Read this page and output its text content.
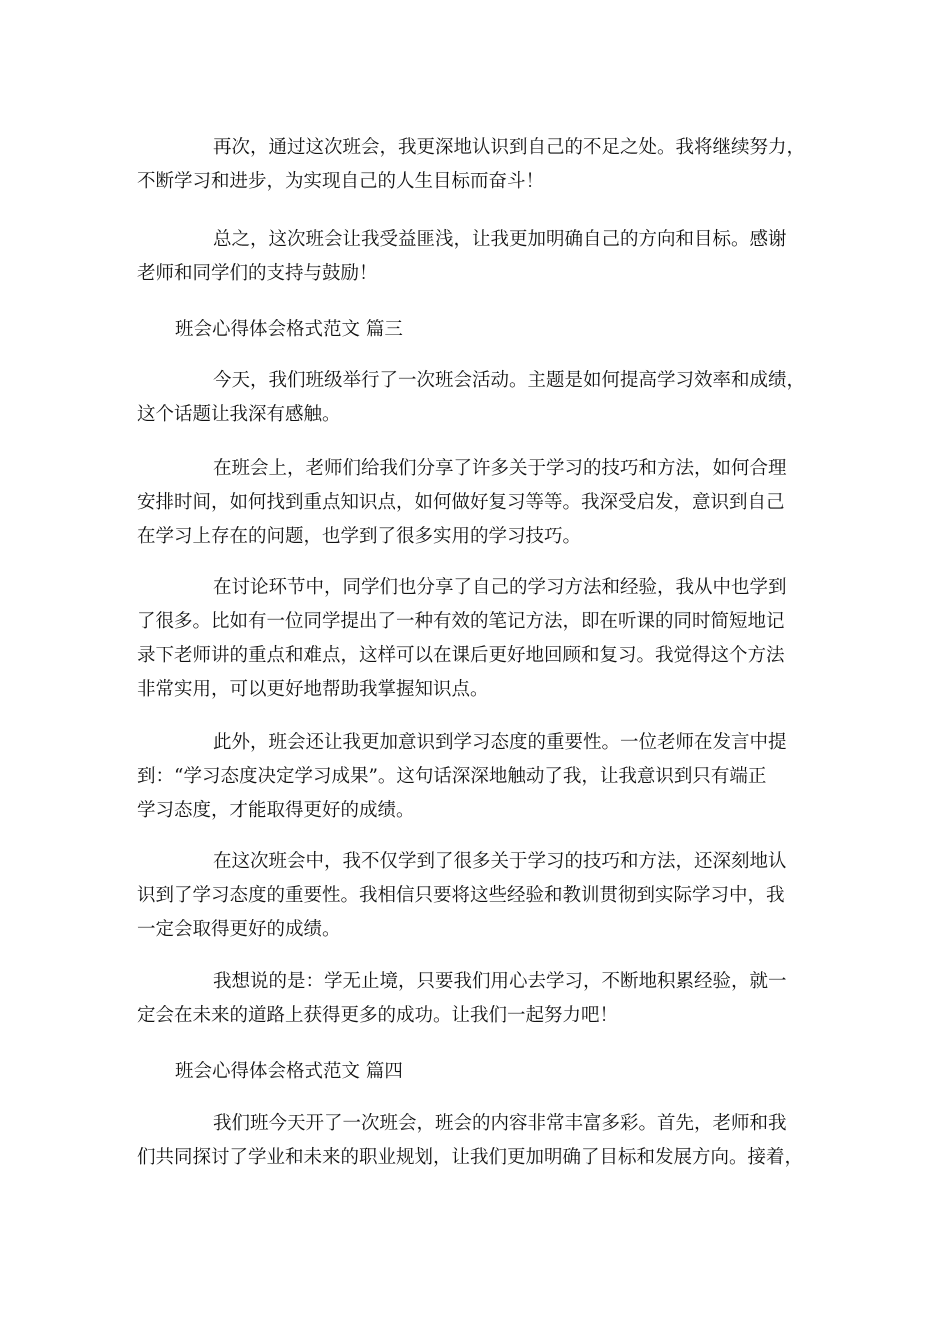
再次，通过这次班会，我更深地认识到自己的不足之处。我将继续努力，
不断学习和进步，为实现自己的人生目标而奋斗！

总之，这次班会让我受益匪浅，让我更加明确自己的方向和目标。感谢
老师和同学们的支持与鼓励！

班会心得体会格式范文 篇三

今天，我们班级举行了一次班会活动。主题是如何提高学习效率和成绩，
这个话题让我深有感触。

在班会上，老师们给我们分享了许多关于学习的技巧和方法，如何合理
安排时间，如何找到重点知识点，如何做好复习等等。我深受启发，意识到自己
在学习上存在的问题，也学到了很多实用的学习技巧。

在讨论环节中，同学们也分享了自己的学习方法和经验，我从中也学到
了很多。比如有一位同学提出了一种有效的笔记方法，即在听课的同时简短地记
录下老师讲的重点和难点，这样可以在课后更好地回顾和复习。我觉得这个方法
非常实用，可以更好地帮助我掌握知识点。

此外，班会还让我更加意识到学习态度的重要性。一位老师在发言中提
到：“学习态度决定学习成果”。这句话深深地触动了我，让我意识到只有端正
学习态度，才能取得更好的成绩。

在这次班会中，我不仅学到了很多关于学习的技巧和方法，还深刻地认
识到了学习态度的重要性。我相信只要将这些经验和教训贯彻到实际学习中，我
一定会取得更好的成绩。

我想说的是：学无止境，只要我们用心去学习，不断地积累经验，就一
定会在未来的道路上获得更多的成功。让我们一起努力吧！

班会心得体会格式范文 篇四

我们班今天开了一次班会，班会的内容非常丰富多彩。首先，老师和我
们共同探讨了学业和未来的职业规划，让我们更加明确了目标和发展方向。接着，
